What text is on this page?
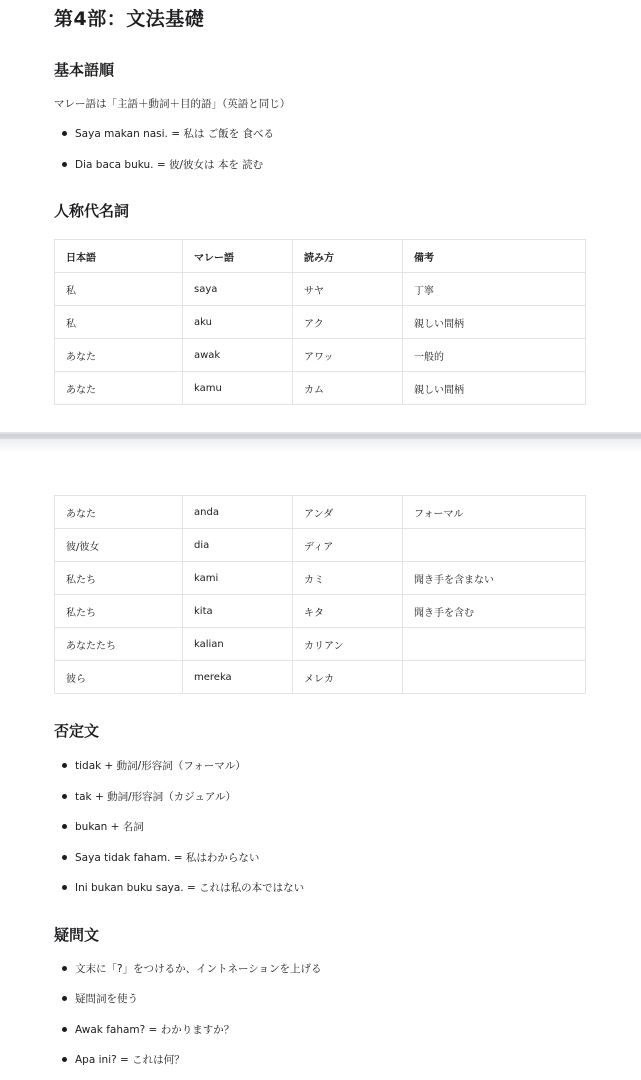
第4部：文法基礎
基本語順
マレー語は「主語＋動詞＋目的語」（英語と同じ）
Saya makan nasi. = 私は ご飯を 食べる
Dia baca buku. = 彼/彼女は 本を 読む
人称代名詞
日本語	マレー語	読み方	備考
私	saya	サヤ	丁寧
私	aku	アク	親しい間柄
あなた	awak	アワッ	一般的
あなた	kamu	カム	親しい間柄
あなた	anda	アンダ	フォーマル
彼/彼女	dia	ディア	
私たち	kami	カミ	聞き手を含まない
私たち	kita	キタ	聞き手を含む
あなたたち	kalian	カリアン	
彼ら	mereka	メレカ	
否定文
tidak + 動詞/形容詞（フォーマル）
tak + 動詞/形容詞（カジュアル）
bukan + 名詞
Saya tidak faham. = 私はわからない
Ini bukan buku saya. = これは私の本ではない
疑問文
文末に「?」をつけるか、イントネーションを上げる
疑問詞を使う
Awak faham? = わかりますか？
Apa ini? = これは何？
